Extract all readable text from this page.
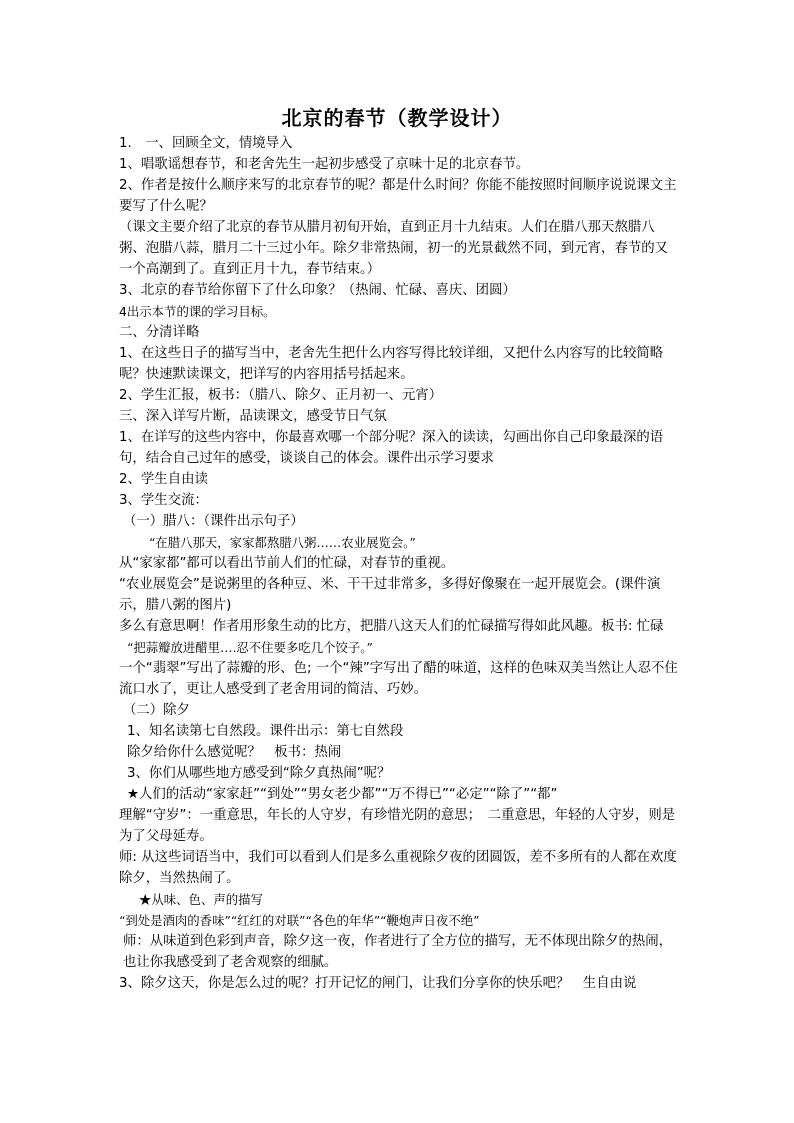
北京的春节（教学设计）

1.　一、回顾全文，情境导入

1、唱歌谣想春节，和老舍先生一起初步感受了京味十足的北京春节。

2、作者是按什么顺序来写的北京春节的呢？都是什么时间？你能不能按照时间顺序说说课文主要写了什么呢？

（课文主要介绍了北京的春节从腊月初旬开始，直到正月十九结束。人们在腊八那天熬腊八粥、泡腊八蒜，腊月二十三过小年。除夕非常热闹，初一的光景截然不同，到元宵，春节的又一个高潮到了。直到正月十九，春节结束。）

3、北京的春节给你留下了什么印象？（热闹、忙碌、喜庆、团圆）

4出示本节的课的学习目标。

二、分清详略

1、在这些日子的描写当中，老舍先生把什么内容写得比较详细，又把什么内容写的比较简略呢？快速默读课文，把详写的内容用括号括起来。

2、学生汇报，板书：（腊八、除夕、正月初一、元宵）

三、深入详写片断，品读课文，感受节日气氛

1、在详写的这些内容中，你最喜欢哪一个部分呢？深入的读读，勾画出你自己印象最深的语句，结合自己过年的感受，谈谈自己的体会。课件出示学习要求

2、学生自由读

3、学生交流：

（一）腊八：（课件出示句子）

“在腊八那天，家家都熬腊八粥……农业展览会。”

从“家家都”都可以看出节前人们的忙碌，对春节的重视。

“农业展览会”是说粥里的各种豆、米、干干过非常多，多得好像聚在一起开展览会。(课件演示，腊八粥的图片)

多么有意思啊！作者用形象生动的比方，把腊八这天人们的忙碌描写得如此风趣。板书: 忙碌

“把蒜瓣放进醋里….忍不住要多吃几个饺子。”

一个“翡翠”写出了蒜瓣的形、色; 一个“辣”字写出了醋的味道，这样的色味双美当然让人忍不住流口水了，更让人感受到了老舍用词的简洁、巧妙。

（二）除夕

1、知名读第七自然段。课件出示：第七自然段

除夕给你什么感觉呢？　板书：热闹

3、你们从哪些地方感受到“除夕真热闹”呢？

★人们的活动“家家赶”“到处”“男女老少都”“万不得已”“必定”“除了”“都”

理解“守岁”：一重意思，年长的人守岁，有珍惜光阴的意思；　二重意思，年轻的人守岁，则是为了父母延寿。

师: 从这些词语当中，我们可以看到人们是多么重视除夕夜的团圆饭，差不多所有的人都在欢度除夕，当然热闹了。

★从味、色、声的描写

“到处是酒肉的香味”“红红的对联”“各色的年华”“鞭炮声日夜不绝”

师：从味道到色彩到声音，除夕这一夜，作者进行了全方位的描写，无不体现出除夕的热闹，也让你我感受到了老舍观察的细腻。

3、除夕这天，你是怎么过的呢？打开记忆的闸门，让我们分享你的快乐吧？　生自由说
